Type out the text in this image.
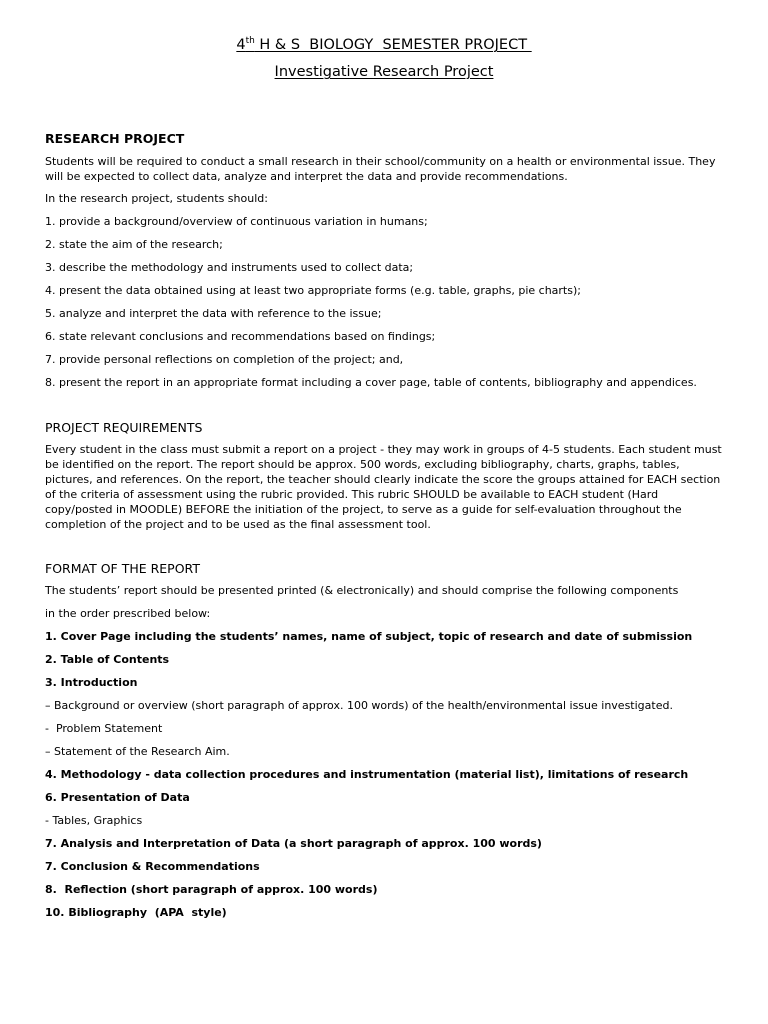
4th H & S  BIOLOGY  SEMESTER PROJECT
Investigative Research Project
RESEARCH PROJECT

Students will be required to conduct a small research in their school/community on a health or environmental issue. They will be expected to collect data, analyze and interpret the data and provide recommendations.

In the research project, students should:

1. provide a background/overview of continuous variation in humans;
2. state the aim of the research;
3. describe the methodology and instruments used to collect data;
4. present the data obtained using at least two appropriate forms (e.g. table, graphs, pie charts);
5. analyze and interpret the data with reference to the issue;
6. state relevant conclusions and recommendations based on findings;
7. provide personal reflections on completion of the project; and,
8. present the report in an appropriate format including a cover page, table of contents, bibliography and appendices.
PROJECT REQUIREMENTS

Every student in the class must submit a report on a project - they may work in groups of 4-5 students. Each student must be identified on the report. The report should be approx. 500 words, excluding bibliography, charts, graphs, tables, pictures, and references. On the report, the teacher should clearly indicate the score the groups attained for EACH section of the criteria of assessment using the rubric provided. This rubric SHOULD be available to EACH student (Hard copy/posted in MOODLE) BEFORE the initiation of the project, to serve as a guide for self-evaluation throughout the completion of the project and to be used as the final assessment tool.

FORMAT OF THE REPORT
The students’ report should be presented printed (& electronically) and should comprise the following components
in the order prescribed below:
1. Cover Page including the students’ names, name of subject, topic of research and date of submission
2. Table of Contents
3. Introduction
– Background or overview (short paragraph of approx. 100 words) of the health/environmental issue investigated.
-  Problem Statement
– Statement of the Research Aim.
4. Methodology - data collection procedures and instrumentation (material list), limitations of research
6. Presentation of Data
- Tables, Graphics
7. Analysis and Interpretation of Data (a short paragraph of approx. 100 words)
7. Conclusion & Recommendations
8.  Reflection (short paragraph of approx. 100 words)
10. Bibliography  (APA  style)
